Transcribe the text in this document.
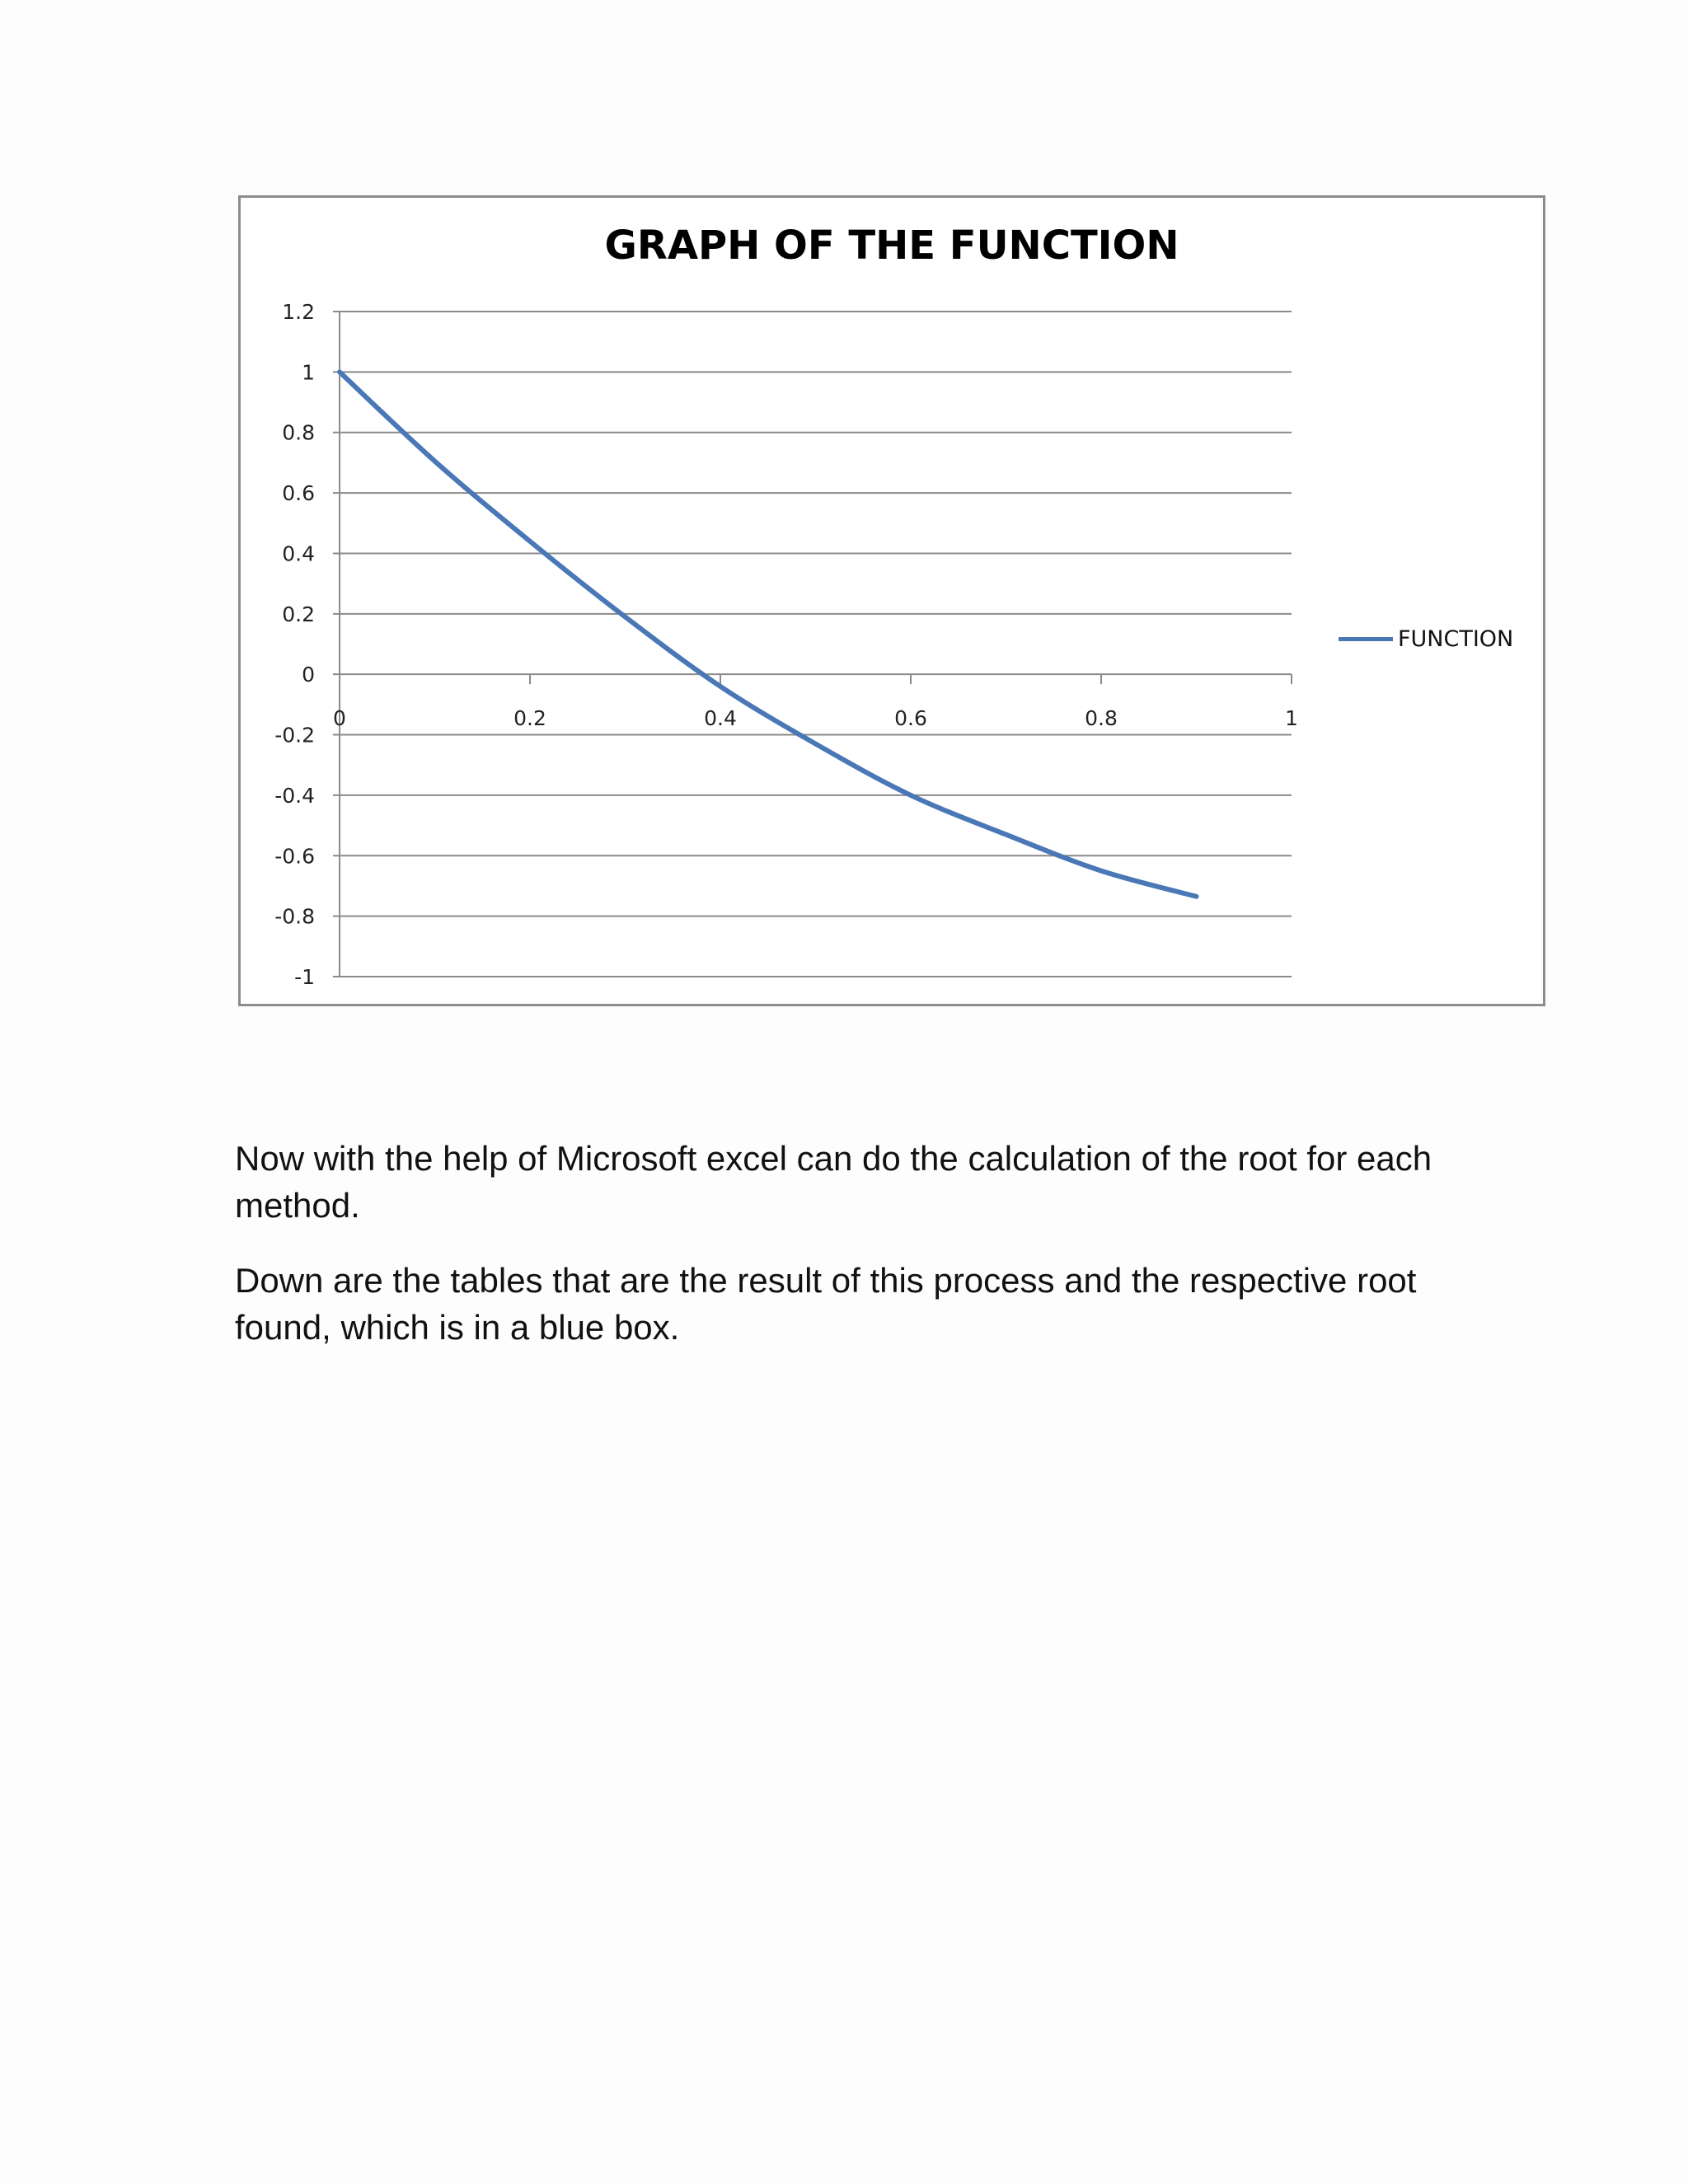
GRAPH OF THE FUNCTION
1.2
1
0.8
0.6
0.4
0.2
0
-0.2
-0.4
-0.6
-0.8
-1
0	0.2	0.4	0.6	0.8	1
FUNCTION

Now with the help of Microsoft excel can do the calculation of the root for each method.

Down are the tables that are the result of this process and the respective root found, which is in a blue box.
